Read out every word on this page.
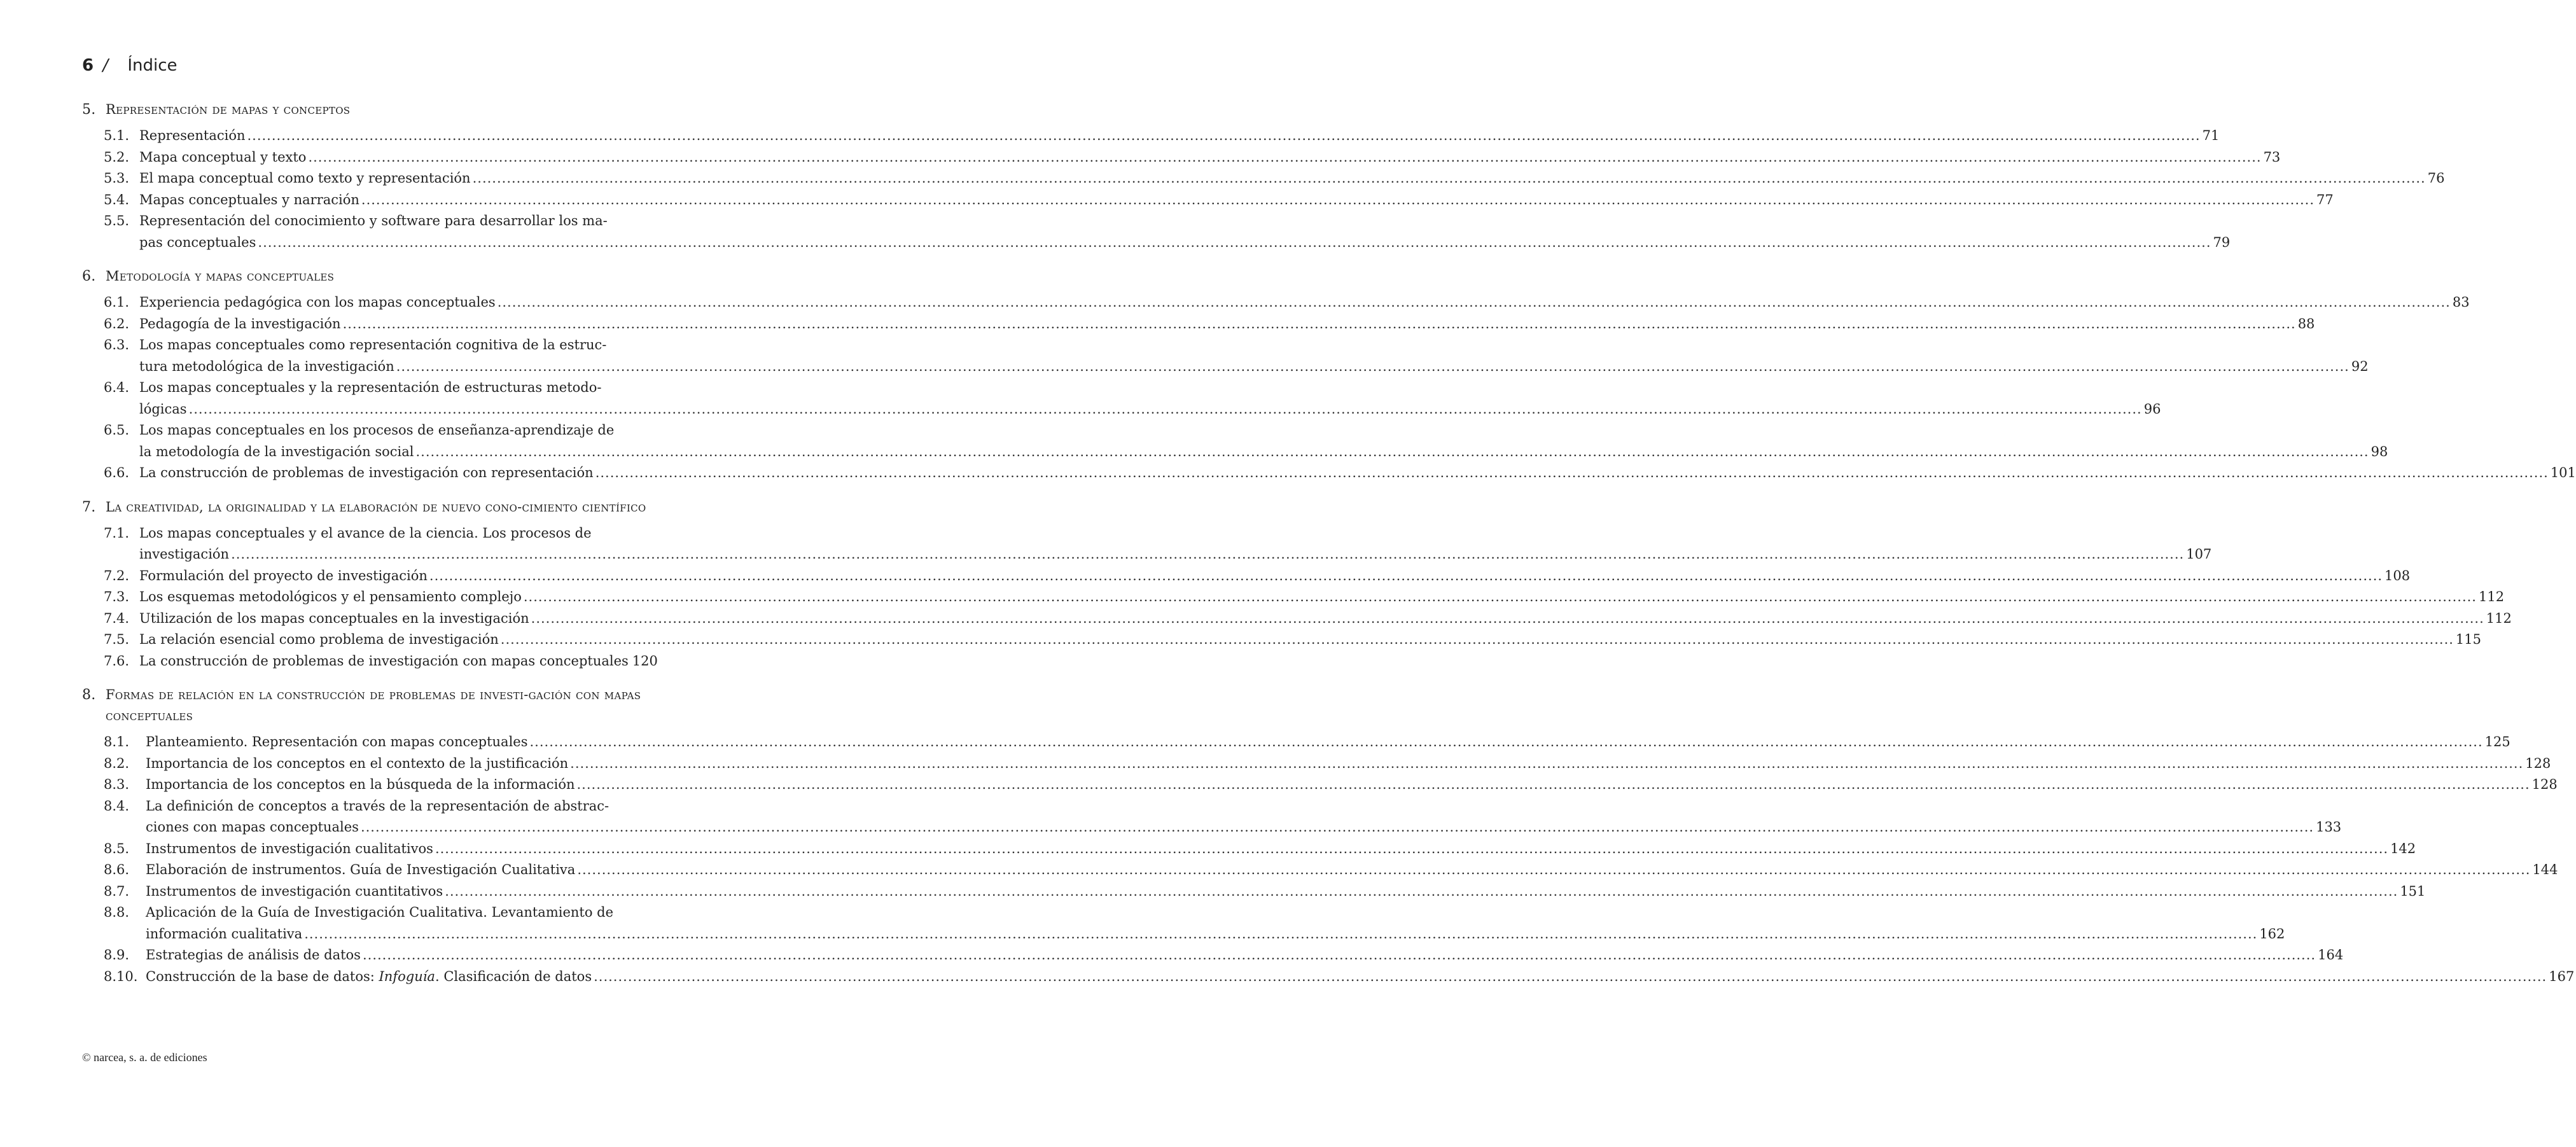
6 / Índice
5. Representación de mapas y conceptos
5.1. Representación ................................................................................................................................................................................................................................................................................................................................................................................................................ 71
5.2. Mapa conceptual y texto ................................................................................................................................................................................................................................................................................................................................................................................................................ 73
5.3. El mapa conceptual como texto y representación ................................................................................................................................................................................................................................................................................................................................................................................................................ 76
5.4. Mapas conceptuales y narración ................................................................................................................................................................................................................................................................................................................................................................................................................ 77
5.5. Representación del conocimiento y software para desarrollar los ma-
pas conceptuales ................................................................................................................................................................................................................................................................................................................................................................................................................ 79
6. Metodología y mapas conceptuales
6.1. Experiencia pedagógica con los mapas conceptuales ................................................................................................................................................................................................................................................................................................................................................................................................................ 83
6.2. Pedagogía de la investigación ................................................................................................................................................................................................................................................................................................................................................................................................................ 88
6.3. Los mapas conceptuales como representación cognitiva de la estruc-
tura metodológica de la investigación ................................................................................................................................................................................................................................................................................................................................................................................................................ 92
6.4. Los mapas conceptuales y la representación de estructuras metodo-
lógicas ................................................................................................................................................................................................................................................................................................................................................................................................................ 96
6.5. Los mapas conceptuales en los procesos de enseñanza-aprendizaje de
la metodología de la investigación social ................................................................................................................................................................................................................................................................................................................................................................................................................ 98
6.6. La construcción de problemas de investigación con representación ................................................................................................................................................................................................................................................................................................................................................................................................................ 101
7. La creatividad, la originalidad y la elaboración de nuevo cono-cimiento científico
7.1. Los mapas conceptuales y el avance de la ciencia. Los procesos de
investigación ................................................................................................................................................................................................................................................................................................................................................................................................................ 107
7.2. Formulación del proyecto de investigación ................................................................................................................................................................................................................................................................................................................................................................................................................ 108
7.3. Los esquemas metodológicos y el pensamiento complejo ................................................................................................................................................................................................................................................................................................................................................................................................................ 112
7.4. Utilización de los mapas conceptuales en la investigación ................................................................................................................................................................................................................................................................................................................................................................................................................ 112
7.5. La relación esencial como problema de investigación ................................................................................................................................................................................................................................................................................................................................................................................................................ 115
7.6. La construcción de problemas de investigación con mapas conceptuales 120
8. Formas de relación en la construcción de problemas de investi-gación con mapas conceptuales
8.1.	Planteamiento. Representación con mapas conceptuales ................................................................................................................................................................................................................................................................................................................................................................................................................ 125
8.2.	Importancia de los conceptos en el contexto de la justificación ................................................................................................................................................................................................................................................................................................................................................................................................................ 128
8.3.	Importancia de los conceptos en la búsqueda de la información ................................................................................................................................................................................................................................................................................................................................................................................................................ 128
8.4.	La definición de conceptos a través de la representación de abstrac-
ciones con mapas conceptuales ................................................................................................................................................................................................................................................................................................................................................................................................................ 133
8.5.	Instrumentos de investigación cualitativos ................................................................................................................................................................................................................................................................................................................................................................................................................ 142
8.6.	Elaboración de instrumentos. Guía de Investigación Cualitativa ................................................................................................................................................................................................................................................................................................................................................................................................................ 144
8.7.	Instrumentos de investigación cuantitativos ................................................................................................................................................................................................................................................................................................................................................................................................................ 151
8.8.	Aplicación de la Guía de Investigación Cualitativa. Levantamiento de
información cualitativa ................................................................................................................................................................................................................................................................................................................................................................................................................ 162
8.9.	Estrategias de análisis de datos ................................................................................................................................................................................................................................................................................................................................................................................................................ 164
8.10. Construcción de la base de datos: Infoguía. Clasificación de datos ................................................................................................................................................................................................................................................................................................................................................................................................................ 167
© narcea, s. a. de ediciones
